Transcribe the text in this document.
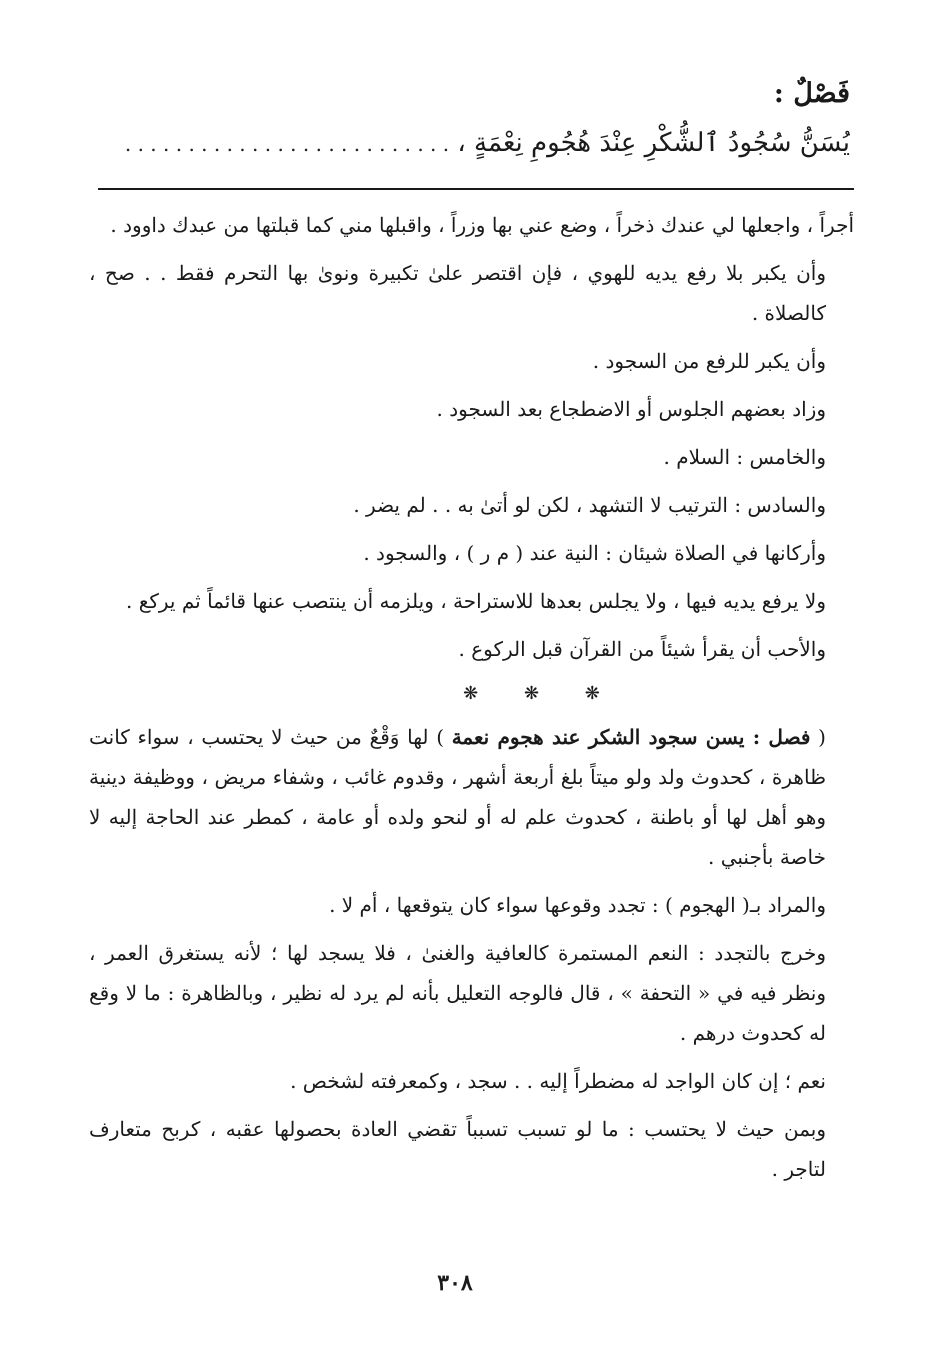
فَصْلٌ :
يُسَنُّ سُجُودُ ٱلشُّكْرِ عِنْدَ هُجُومِ نِعْمَةٍ ، . . . . . . . . . . . . . . . . . . . . . . . . . .

أجراً ، واجعلها لي عندك ذخراً ، وضع عني بها وزراً ، واقبلها مني كما قبلتها من عبدك داوود .

وأن يكبر بلا رفع يديه للهوي ، فإن اقتصر علىٰ تكبيرة ونوىٰ بها التحرم فقط . . صح ، كالصلاة .

وأن يكبر للرفع من السجود .

وزاد بعضهم الجلوس أو الاضطجاع بعد السجود .

والخامس : السلام .

والسادس : الترتيب لا التشهد ، لكن لو أتىٰ به . . لم يضر .

وأركانها في الصلاة شيئان : النية عند ( م ر ) ، والسجود .

ولا يرفع يديه فيها ، ولا يجلس بعدها للاستراحة ، ويلزمه أن ينتصب عنها قائماً ثم يركع .

والأحب أن يقرأ شيئاً من القرآن قبل الركوع .

❋ ❋ ❋

( فصل : يسن سجود الشكر عند هجوم نعمة ) لها وَقْعٌ من حيث لا يحتسب ، سواء كانت ظاهرة ، كحدوث ولد ولو ميتاً بلغ أربعة أشهر ، وقدوم غائب ، وشفاء مريض ، ووظيفة دينية وهو أهل لها أو باطنة ، كحدوث علم له أو لنحو ولده أو عامة ، كمطر عند الحاجة إليه لا خاصة بأجنبي .

والمراد بـ( الهجوم ) : تجدد وقوعها سواء كان يتوقعها ، أم لا .

وخرج بالتجدد : النعم المستمرة كالعافية والغنىٰ ، فلا يسجد لها ؛ لأنه يستغرق العمر ، ونظر فيه في « التحفة » ، قال فالوجه التعليل بأنه لم يرد له نظير ، وبالظاهرة : ما لا وقع له كحدوث درهم .

نعم ؛ إن كان الواجد له مضطراً إليه . . سجد ، وكمعرفته لشخص .

وبمن حيث لا يحتسب : ما لو تسبب تسبباً تقضي العادة بحصولها عقبه ، كربح متعارف لتاجر .

٣٠٨
